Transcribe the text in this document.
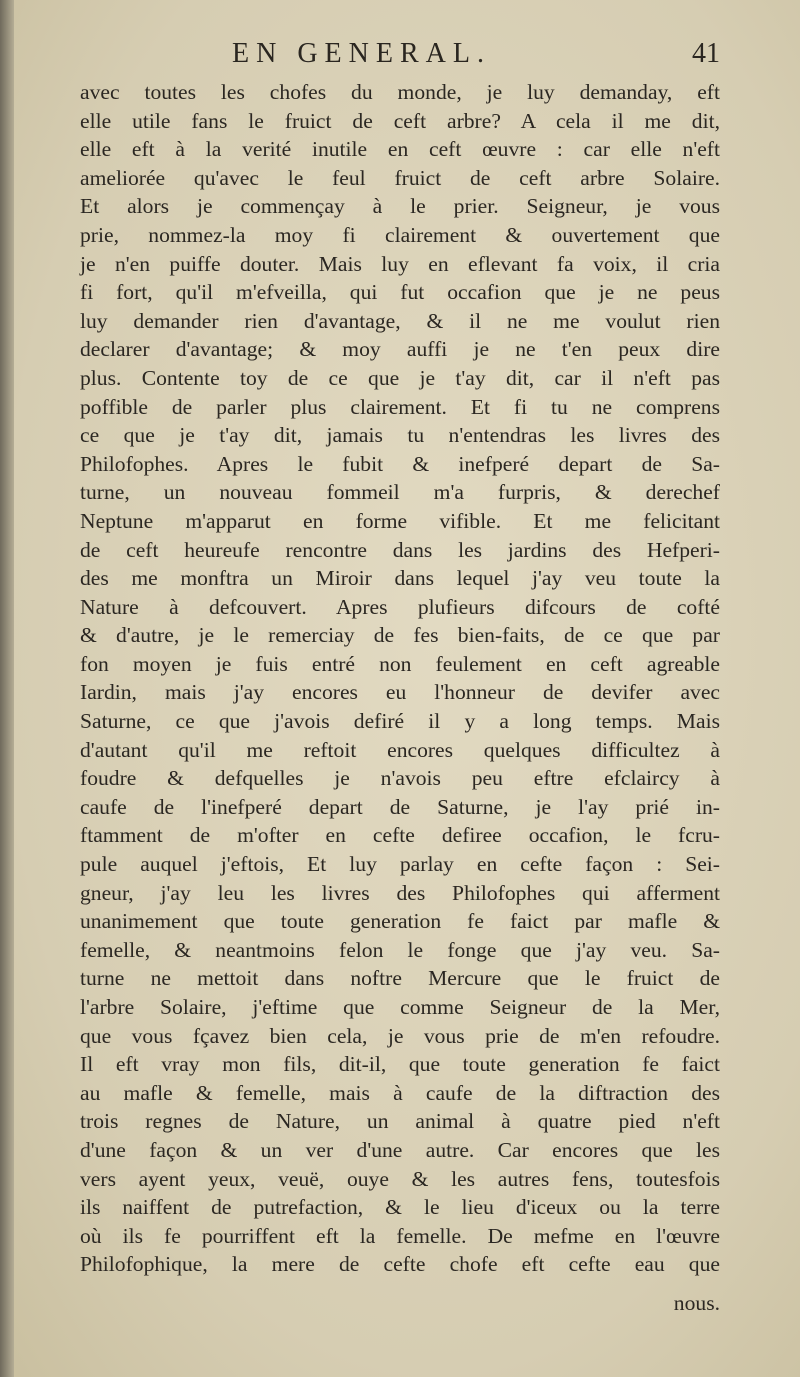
EN GENERAL.	41
avec toutes les chofes du monde, je luy demanday, eft
elle utile fans le fruict de ceft arbre? A cela il me dit,
elle eft à la verité inutile en ceft œuvre : car elle n'eft
ameliorée qu'avec le feul fruict de ceft arbre Solaire.
Et alors je commençay à le prier. Seigneur, je vous
prie, nommez-la moy fi clairement & ouvertement que
je n'en puiffe douter. Mais luy en eflevant fa voix, il cria
fi fort, qu'il m'efveilla, qui fut occafion que je ne peus
luy demander rien d'avantage, & il ne me voulut rien
declarer d'avantage; & moy auffi je ne t'en peux dire
plus. Contente toy de ce que je t'ay dit, car il n'eft pas
poffible de parler plus clairement. Et fi tu ne comprens
ce que je t'ay dit, jamais tu n'entendras les livres des
Philofophes. Apres le fubit & inefperé depart de Sa-
turne, un nouveau fommeil m'a furpris, & derechef
Neptune m'apparut en forme vifible. Et me felicitant
de ceft heureufe rencontre dans les jardins des Hefperi-
des me monftra un Miroir dans lequel j'ay veu toute la
Nature à defcouvert. Apres plufieurs difcours de cofté
& d'autre, je le remerciay de fes bien-faits, de ce que par
fon moyen je fuis entré non feulement en ceft agreable
Iardin, mais j'ay encores eu l'honneur de devifer avec
Saturne, ce que j'avois defiré il y a long temps. Mais
d'autant qu'il me reftoit encores quelques difficultez à
foudre & defquelles je n'avois peu eftre efclaircy à
caufe de l'inefperé depart de Saturne, je l'ay prié in-
ftamment de m'ofter en cefte defiree occafion, le fcru-
pule auquel j'eftois, Et luy parlay en cefte façon : Sei-
gneur, j'ay leu les livres des Philofophes qui afferment
unanimement que toute generation fe faict par mafle &
femelle, & neantmoins felon le fonge que j'ay veu. Sa-
turne ne mettoit dans noftre Mercure que le fruict de
l'arbre Solaire, j'eftime que comme Seigneur de la Mer,
que vous fçavez bien cela, je vous prie de m'en refoudre.
Il eft vray mon fils, dit-il, que toute generation fe faict
au mafle & femelle, mais à caufe de la diftraction des
trois regnes de Nature, un animal à quatre pied n'eft
d'une façon & un ver d'une autre. Car encores que les
vers ayent yeux, veuë, ouye & les autres fens, toutesfois
ils naiffent de putrefaction, & le lieu d'iceux ou la terre
où ils fe pourriffent eft la femelle. De mefme en l'œuvre
Philofophique, la mere de cefte chofe eft cefte eau que
nous.
